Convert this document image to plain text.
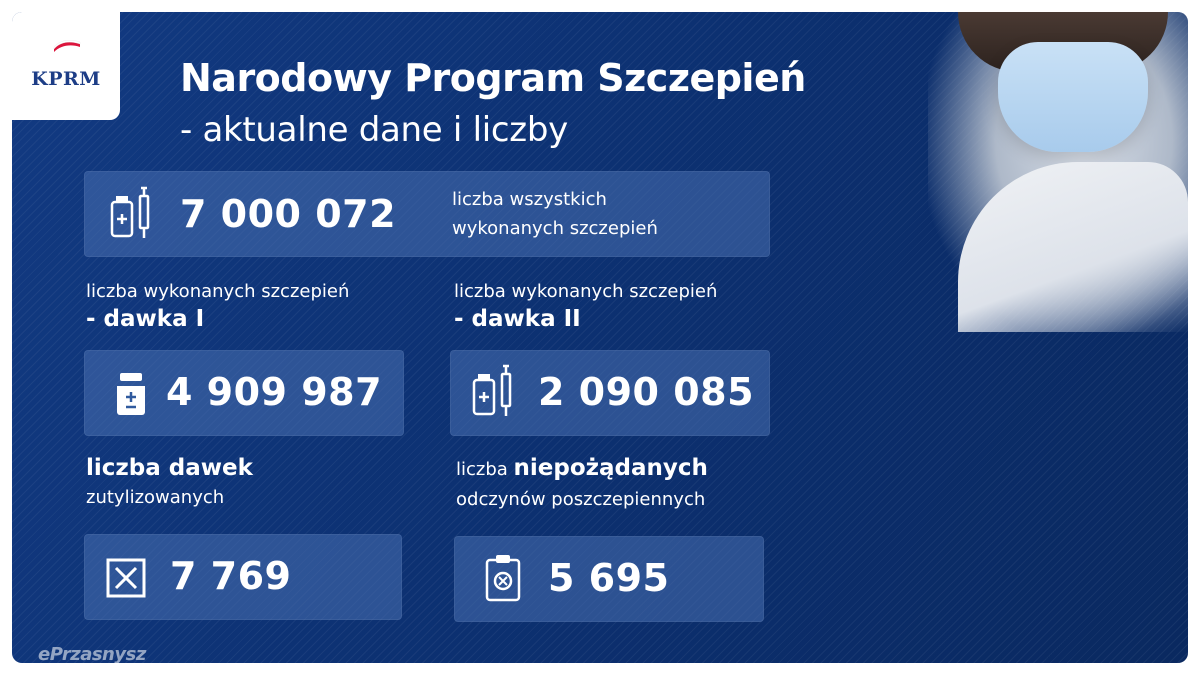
KPRM	Narodowy Program Szczepień
- aktualne dane i liczby
7 000 072	liczba wszystkich
wykonanych szczepień
liczba wykonanych szczepień
- dawka I
4 909 987
liczba wykonanych szczepień
- dawka II
2 090 085
liczba dawek
zutylizowanych
7 769
liczba niepożądanych
odczynów poszczepiennych
5 695
ePrzasnysz
